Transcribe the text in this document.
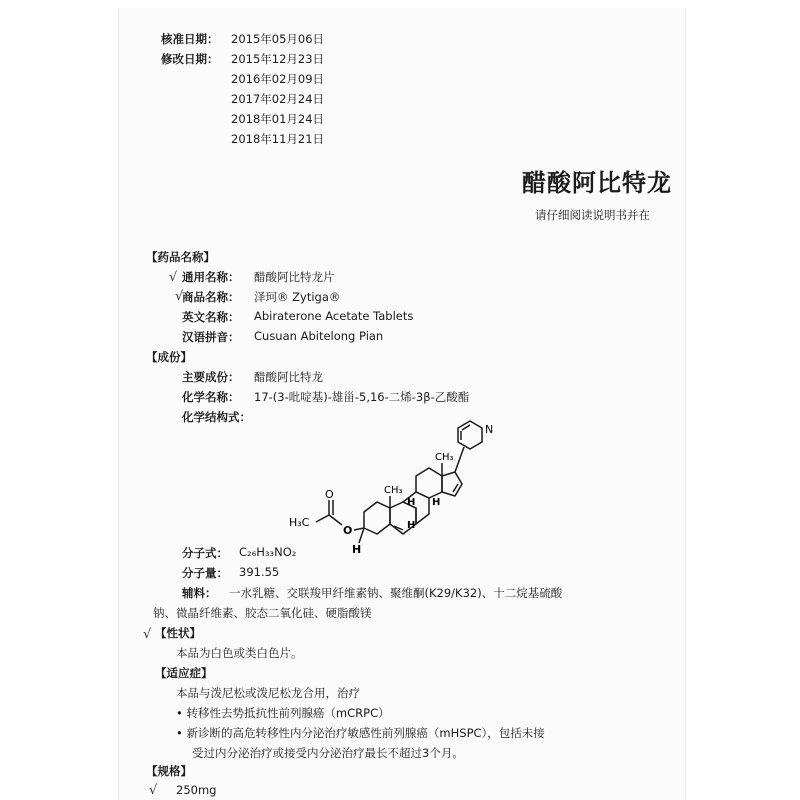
核准日期： 2015年05月06日
修改日期： 2015年12月23日
2016年02月09日
2017年02月24日
2018年01月24日
2018年11月21日
醋酸阿比特龙
请仔细阅读说明书并在
【药品名称】
√ 通用名称： 醋酸阿比特龙片
√
商品名称： 泽珂® Zytiga®
英文名称： Abiraterone Acetate Tablets
汉语拼音： Cusuan Abitelong Pian
【成份】
主要成份： 醋酸阿比特龙
化学名称： 17-(3-吡啶基)-雄甾-5,16-二烯-3β-乙酸酯
化学结构式：
CH₃
CH₃
H
H
H
H
O
O
H₃C
N
分子式： C₂₆H₃₃NO₂
分子量： 391.55
辅料： 一水乳糖、交联羧甲纤维素钠、聚维酮(K29/K32)、十二烷基硫酸
钠、微晶纤维素、胶态二氧化硅、硬脂酸镁
√ 【性状】
本品为白色或类白色片。
【适应症】
本品与泼尼松或泼尼松龙合用，治疗
• 转移性去势抵抗性前列腺癌（mCRPC）
• 新诊断的高危转移性内分泌治疗敏感性前列腺癌（mHSPC），包括未接
受过内分泌治疗或接受内分泌治疗最长不超过3个月。
【规格】
√ 250mg
